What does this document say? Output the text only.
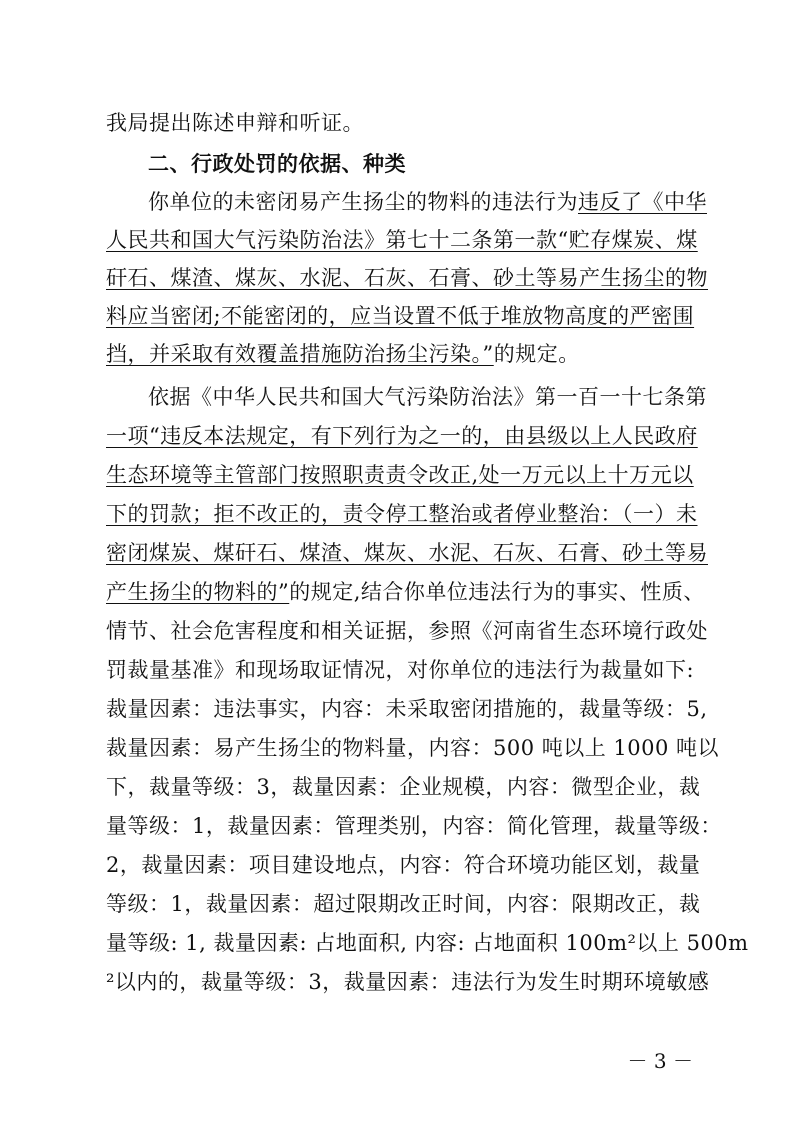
我局提出陈述申辩和听证。
二、行政处罚的依据、种类
你单位的未密闭易产生扬尘的物料的违法行为违反了《中华
人民共和国大气污染防治法》第七十二条第一款“贮存煤炭、煤
矸石、煤渣、煤灰、水泥、石灰、石膏、砂土等易产生扬尘的物
料应当密闭;不能密闭的，应当设置不低于堆放物高度的严密围
挡，并采取有效覆盖措施防治扬尘污染。”的规定。
依据《中华人民共和国大气污染防治法》第一百一十七条第
一项“违反本法规定，有下列行为之一的，由县级以上人民政府
生态环境等主管部门按照职责责令改正,处一万元以上十万元以
下的罚款；拒不改正的，责令停工整治或者停业整治：（一）未
密闭煤炭、煤矸石、煤渣、煤灰、水泥、石灰、石膏、砂土等易
产生扬尘的物料的”的规定,结合你单位违法行为的事实、性质、
情节、社会危害程度和相关证据，参照《河南省生态环境行政处
罚裁量基准》和现场取证情况，对你单位的违法行为裁量如下:
裁量因素：违法事实，内容：未采取密闭措施的，裁量等级：5,
裁量因素：易产生扬尘的物料量，内容：500 吨以上 1000 吨以
下，裁量等级：3，裁量因素：企业规模，内容：微型企业，裁
量等级：1，裁量因素：管理类别，内容：简化管理，裁量等级：
2，裁量因素：项目建设地点，内容：符合环境功能区划，裁量
等级：1，裁量因素：超过限期改正时间，内容：限期改正，裁
量等级: 1, 裁量因素: 占地面积, 内容: 占地面积 100m²以上 500m
²以内的，裁量等级：3，裁量因素：违法行为发生时期环境敏感
－ 3 －
